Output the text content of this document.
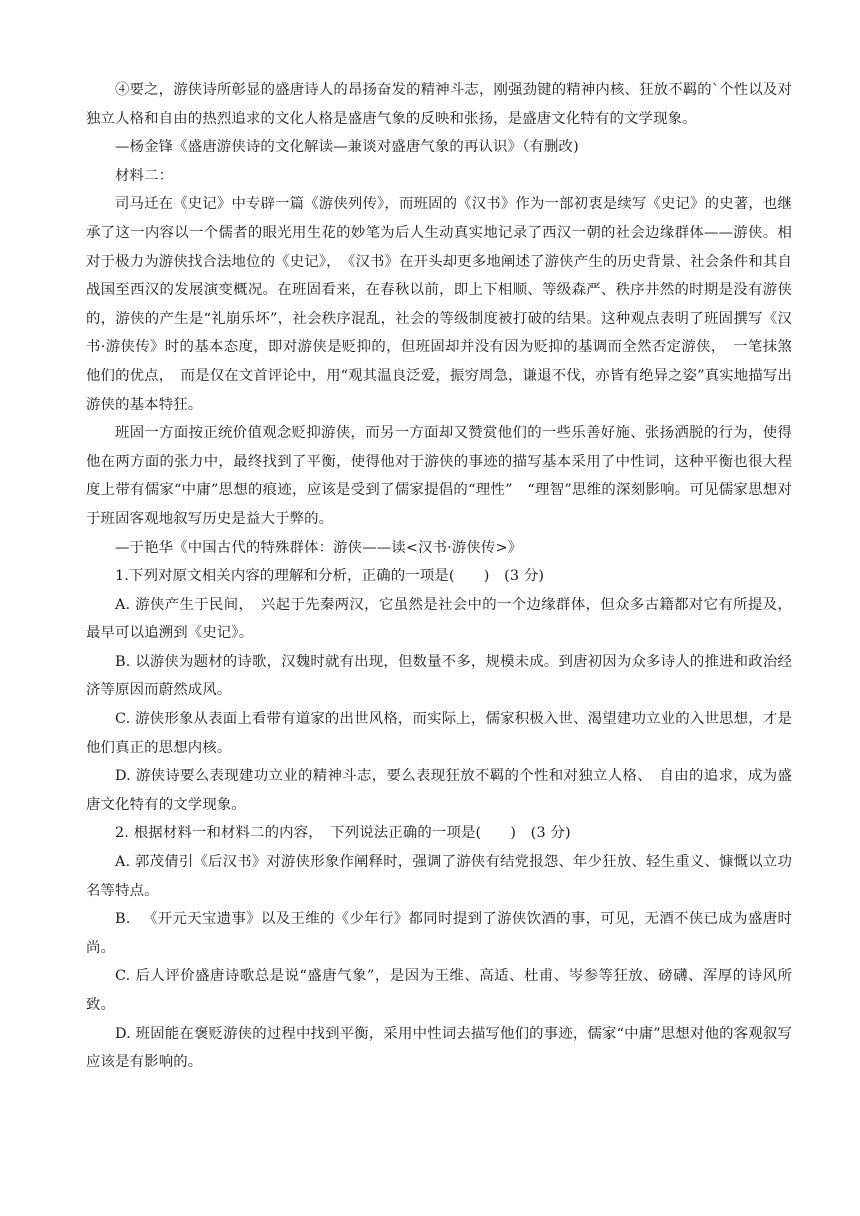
④要之，游侠诗所彰显的盛唐诗人的昂扬奋发的精神斗志，刚强劲键的精神内核、狂放不羁的`个性以及对独立人格和自由的热烈追求的文化人格是盛唐气象的反映和张扬，是盛唐文化特有的文学现象。

—杨金锋《盛唐游侠诗的文化解读—兼谈对盛唐气象的再认识》（有删改)

材料二：

司马迁在《史记》中专辟一篇《游侠列传》，而班固的《汉书》作为一部初衷是续写《史记》的史著，也继承了这一内容以一个儒者的眼光用生花的妙笔为后人生动真实地记录了西汉一朝的社会边缘群体——游侠。相对于极力为游侠找合法地位的《史记》，　《汉书》在开头却更多地阐述了游侠产生的历史背景、社会条件和其自战国至西汉的发展演变概况。在班固看来，在春秋以前，即上下相顺、等级森严、秩序井然的时期是没有游侠的，游侠的产生是“礼崩乐坏”，社会秩序混乱，社会的等级制度被打破的结果。这种观点表明了班固撰写《汉书·游侠传》时的基本态度，即对游侠是贬抑的，但班固却并没有因为贬抑的基调而全然否定游侠，　一笔抹煞他们的优点，　而是仅在文首评论中，用“观其温良泛爱，振穷周急，谦退不伐，亦皆有绝异之姿”真实地描写出游侠的基本特狂。

班固一方面按正统价值观念贬抑游侠，而另一方面却又赞赏他们的一些乐善好施、张扬洒脱的行为，使得他在两方面的张力中，最终找到了平衡，使得他对于游侠的事迹的描写基本采用了中性词，这种平衡也很大程度上带有儒家“中庸”思想的痕迹，应该是受到了儒家提倡的“理性”　“理智”思维的深刻影响。可见儒家思想对于班固客观地叙写历史是益大于弊的。

—于艳华《中国古代的特殊群体：游侠——读<汉书·游侠传>》

1.下列对原文相关内容的理解和分析，正确的一项是(　　)　(3 分)

A. 游侠产生于民间，　兴起于先秦两汉，它虽然是社会中的一个边缘群体，但众多古籍都对它有所提及，最早可以追溯到《史记》。

B. 以游侠为题材的诗歌，汉魏时就有出现，但数量不多，规模未成。到唐初因为众多诗人的推进和政治经济等原因而蔚然成风。

C. 游侠形象从表面上看带有道家的出世风格，而实际上，儒家积极入世、渴望建功立业的入世思想，才是他们真正的思想内核。

D. 游侠诗要么表现建功立业的精神斗志，要么表现狂放不羁的个性和对独立人格、　自由的追求，成为盛唐文化特有的文学现象。

2. 根据材料一和材料二的内容，　下列说法正确的一项是(　　)　(3 分)

A. 郭茂倩引《后汉书》对游侠形象作阐释时，强调了游侠有结党报怨、年少狂放、轻生重义、慷慨以立功名等特点。

B. 　《开元天宝遗事》以及王维的《少年行》都同时提到了游侠饮酒的事，可见，无酒不侠已成为盛唐时尚。

C. 后人评价盛唐诗歌总是说“盛唐气象”，是因为王维、高适、杜甫、岑参等狂放、磅礴、浑厚的诗风所致。

D. 班固能在褒贬游侠的过程中找到平衡，采用中性词去描写他们的事迹，儒家“中庸”思想对他的客观叙写应该是有影响的。
